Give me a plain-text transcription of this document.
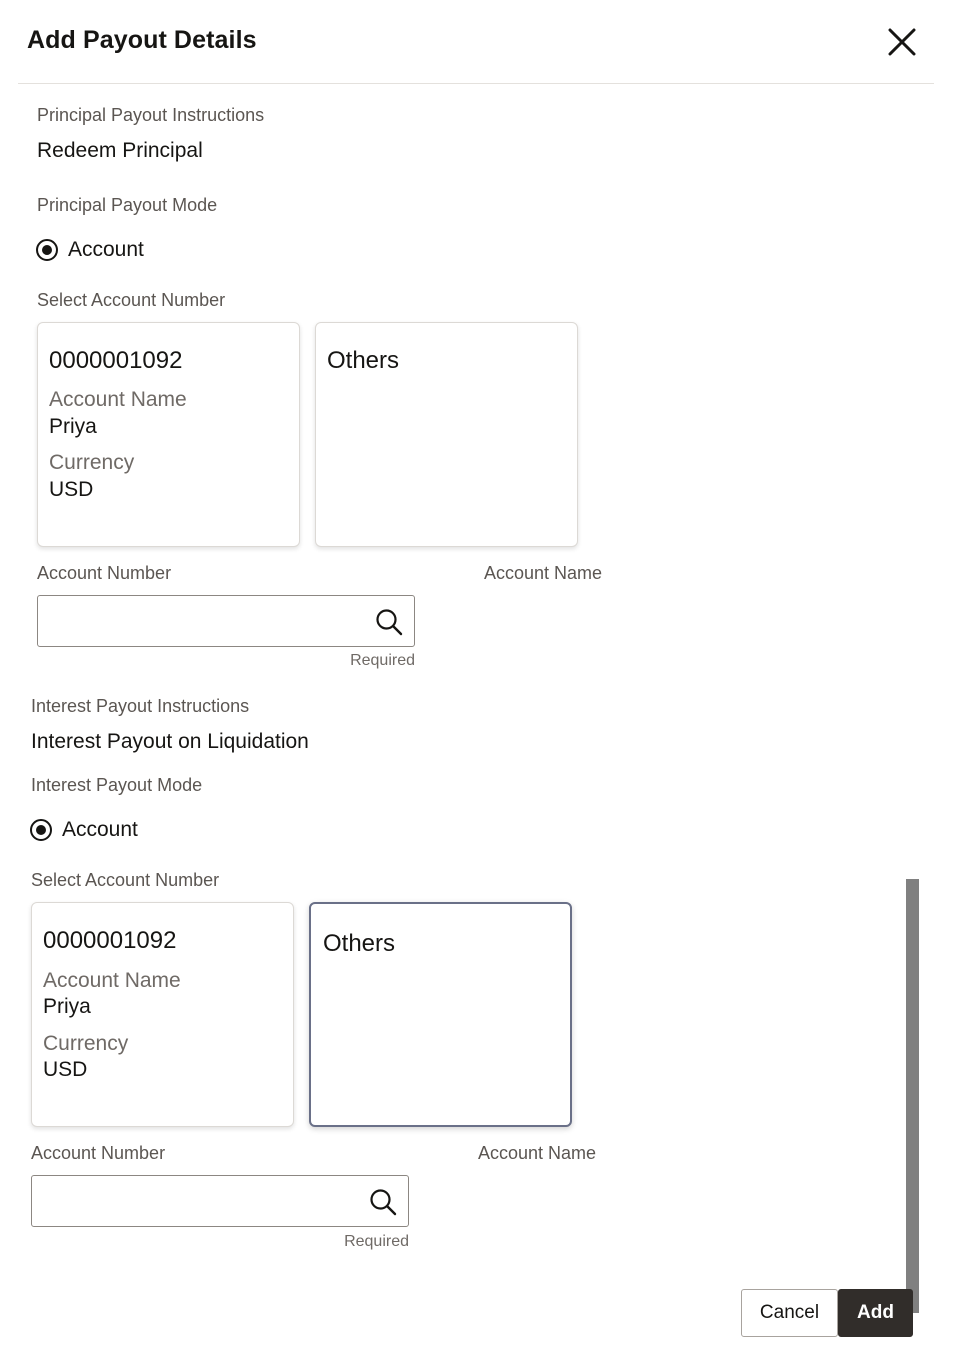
Add Payout Details
Principal Payout Instructions
Redeem Principal
Principal Payout Mode
Account
Select Account Number
0000001092
Account Name
Priya
Currency
USD
Others
Account Number	Account Name
Required
Interest Payout Instructions
Interest Payout on Liquidation
Interest Payout Mode
Account
Select Account Number
0000001092
Account Name
Priya
Currency
USD
Others
Account Number	Account Name
Required
Cancel	Add
